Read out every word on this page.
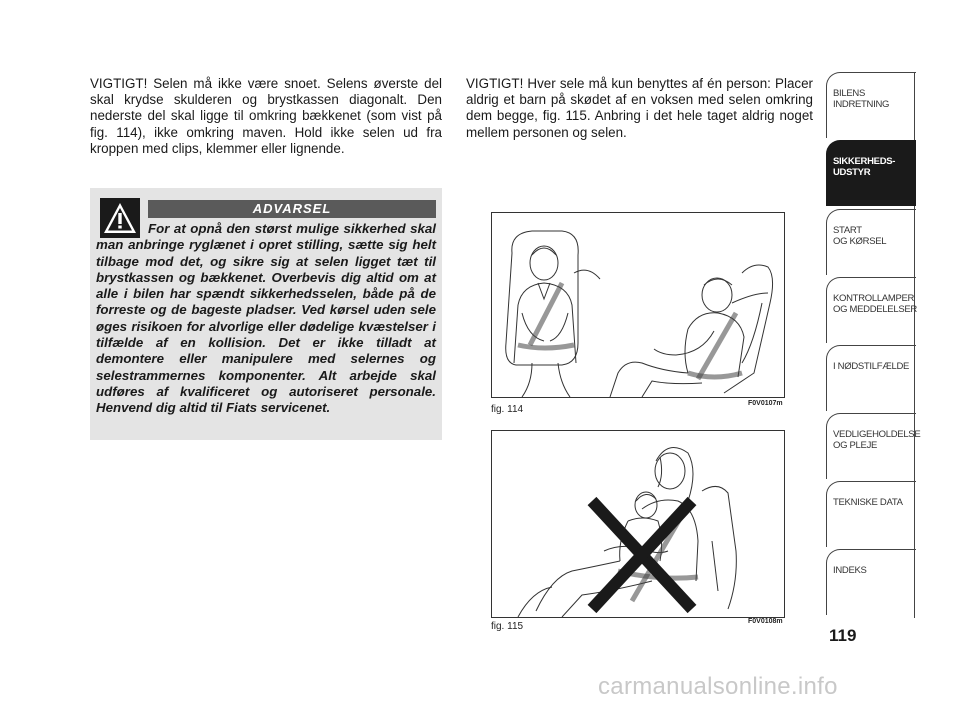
VIGTIGT! Selen må ikke være snoet. Selens øverste del skal krydse skulderen og brystkassen diagonalt. Den nederste del skal ligge til omkring bækkenet (som vist på fig. 114), ikke omkring maven. Hold ikke selen ud fra kroppen med clips, klemmer eller lignende.
VIGTIGT! Hver sele må kun benyttes af én person: Placer aldrig et barn på skødet af en voksen med selen omkring dem begge, fig. 115. Anbring i det hele taget aldrig noget mellem personen og selen.
ADVARSEL
For at opnå den størst mulige sikkerhed skal man anbringe ryglænet i opret stilling, sætte sig helt tilbage mod det, og sikre sig at selen ligget tæt til brystkassen og bækkenet. Overbevis dig altid om at alle i bilen har spændt sikkerhedsselen, både på de forreste og de bageste pladser. Ved kørsel uden sele øges risikoen for alvorlige eller dødelige kvæstelser i tilfælde af en kollision. Det er ikke tilladt at demontere eller manipulere med selernes og selestrammernes komponenter. Alt arbejde skal udføres af kvalificeret og autoriseret personale. Henvend dig altid til Fiats servicenet.	fig. 114
F0V0107m
fig. 115	F0V0108m
BILENS
INDRETNING
SIKKERHEDS-
UDSTYR
START
OG KØRSEL
KONTROLLAMPER
OG MEDDELELSER
I NØDSTILFÆLDE
VEDLIGEHOLDELSE
OG PLEJE
TEKNISKE DATA
INDEKS
119
carmanualsonline.info
